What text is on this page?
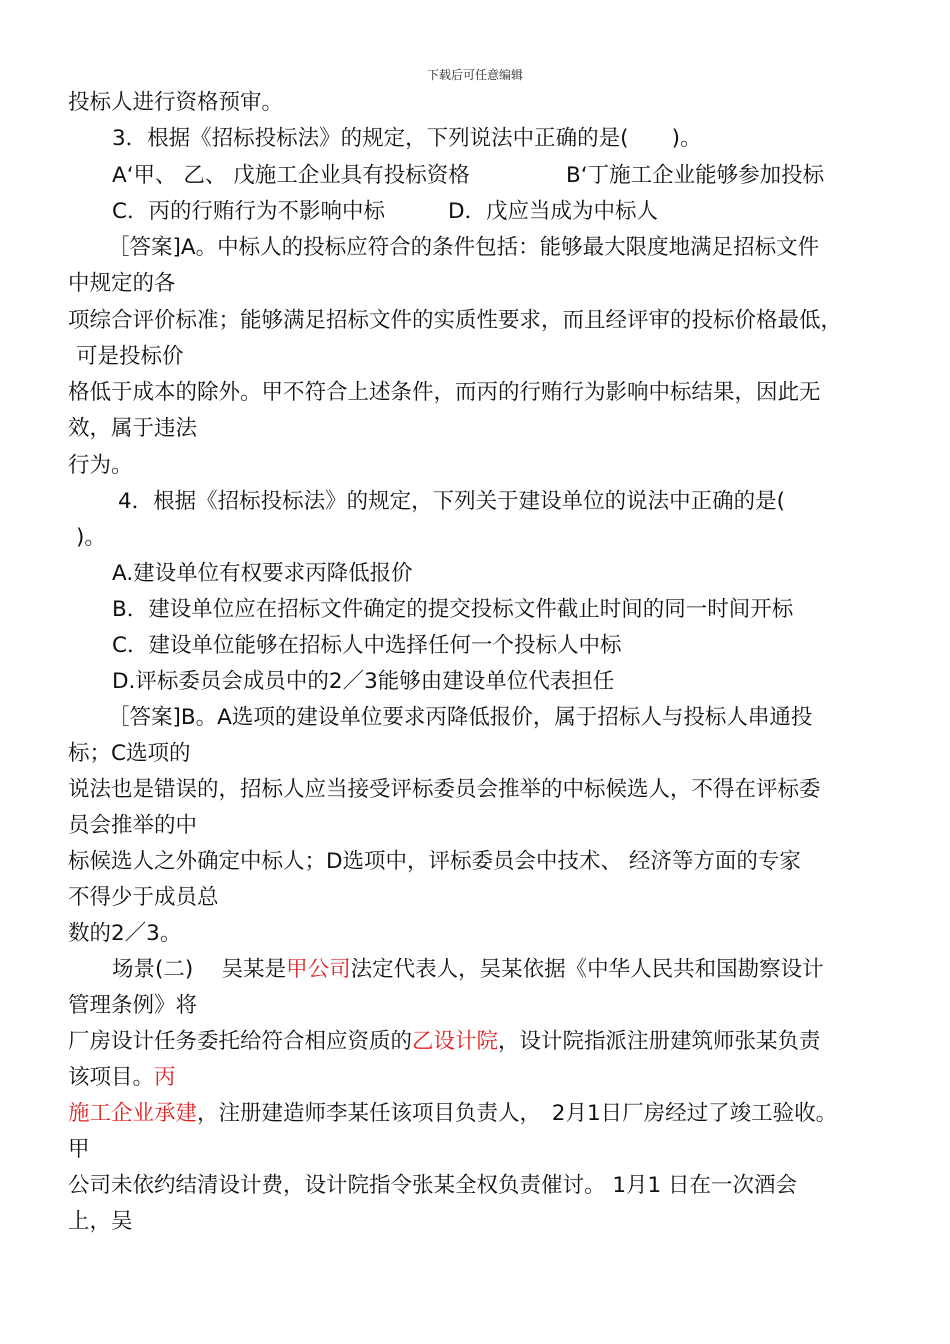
下载后可任意编辑
投标人进行资格预审。
3．根据《招标投标法》的规定，下列说法中正确的是(　　)。
A‘甲、 乙、 戊施工企业具有投标资格	B‘丁施工企业能够参加投标
C．丙的行贿行为不影响中标	D．戊应当成为中标人
［答案]A。中标人的投标应符合的条件包括：能够最大限度地满足招标文件
中规定的各
项综合评价标准；能够满足招标文件的实质性要求，而且经评审的投标价格最低，
可是投标价
格低于成本的除外。甲不符合上述条件，而丙的行贿行为影响中标结果，因此无
效，属于违法
行为。
4．根据《招标投标法》的规定，下列关于建设单位的说法中正确的是(
)。
A.建设单位有权要求丙降低报价
B．建设单位应在招标文件确定的提交投标文件截止时间的同一时间开标
C．建设单位能够在招标人中选择任何一个投标人中标
D.评标委员会成员中的2／3能够由建设单位代表担任
［答案]B。A选项的建设单位要求丙降低报价，属于招标人与投标人串通投
标；C选项的
说法也是错误的，招标人应当接受评标委员会推举的中标候选人，不得在评标委
员会推举的中
标候选人之外确定中标人；D选项中，评标委员会中技术、 经济等方面的专家
不得少于成员总
数的2／3。
场景(二)　 吴某是甲公司法定代表人，吴某依据《中华人民共和国勘察设计
管理条例》将
厂房设计任务委托给符合相应资质的乙设计院，设计院指派注册建筑师张某负责
该项目。丙
施工企业承建，注册建造师李某任该项目负责人，　2月1日厂房经过了竣工验收。
甲
公司未依约结清设计费，设计院指令张某全权负责催讨。 1月1 日在一次酒会
上，吴
